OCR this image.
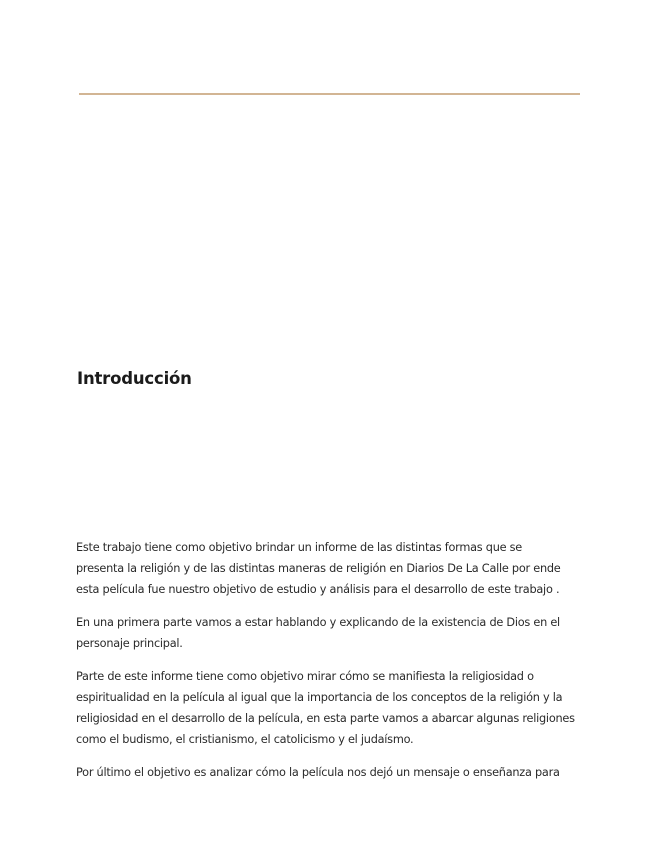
Introducción

Este trabajo tiene como objetivo brindar un informe de las distintas formas que se
presenta la religión y de las distintas maneras de religión en Diarios De La Calle por ende
esta película fue nuestro objetivo de estudio y análisis para el desarrollo de este trabajo .

En una primera parte vamos a estar hablando y explicando de la existencia de Dios en el
personaje principal.

Parte de este informe tiene como objetivo mirar cómo se manifiesta la religiosidad o
espiritualidad en la película al igual que la importancia de los conceptos de la religión y la
religiosidad en el desarrollo de la película, en esta parte vamos a abarcar algunas religiones
como el budismo, el cristianismo, el catolicismo y el judaísmo.

Por último el objetivo es analizar cómo la película nos dejó un mensaje o enseñanza para
